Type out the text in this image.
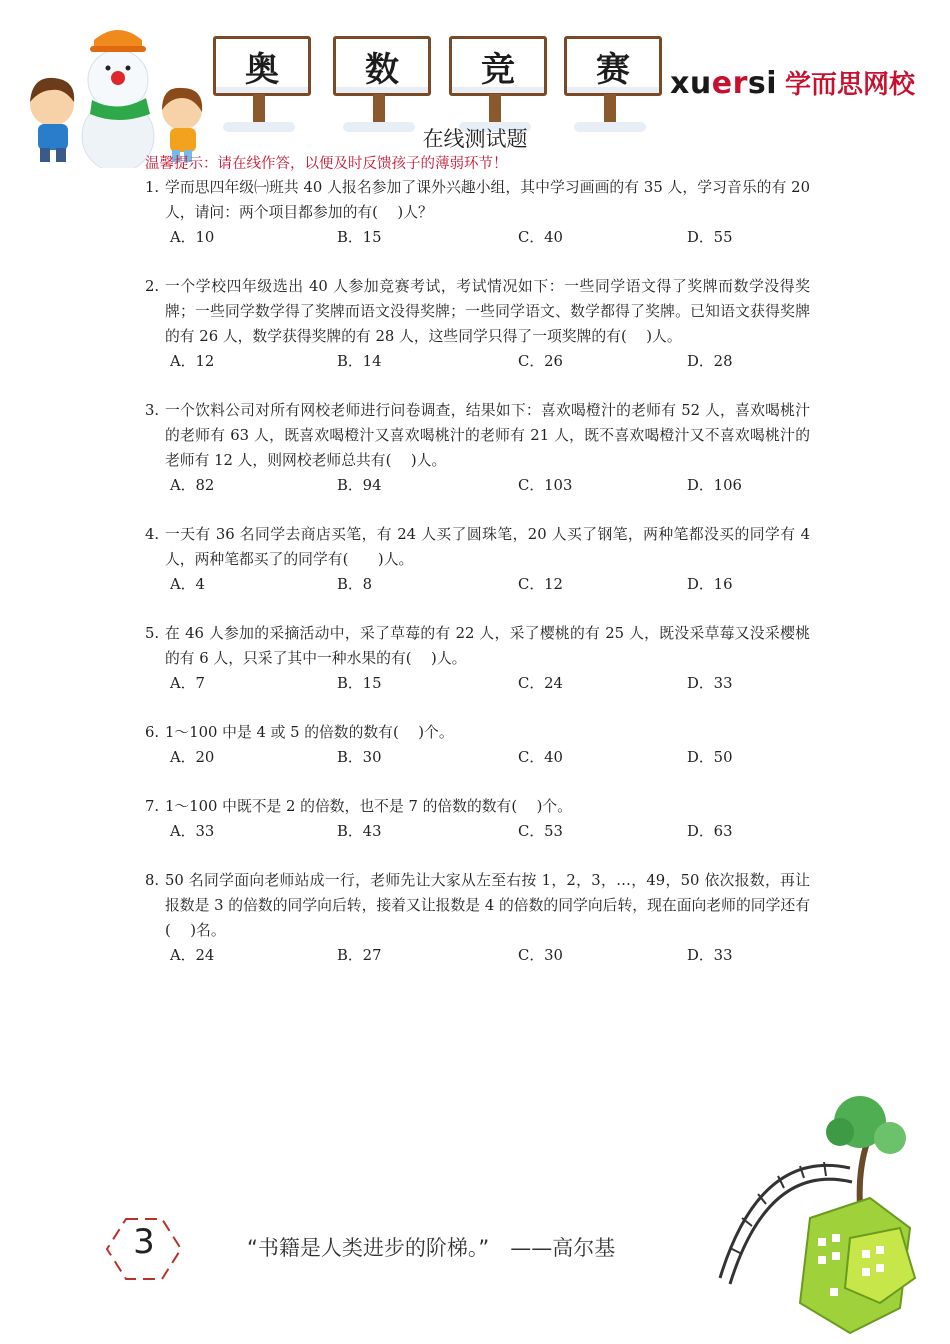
奥	数	竞	赛	xuersi 学而思网校
在线测试题
温馨提示：请在线作答，以便及时反馈孩子的薄弱环节！
1. 学而思四年级㈠班共 40 人报名参加了课外兴趣小组，其中学习画画的有 35 人，学习音乐的有 20 人，请问：两个项目都参加的有(　 )人？
A．10	B．15	C．40	D．55
2. 一个学校四年级选出 40 人参加竞赛考试，考试情况如下：一些同学语文得了奖牌而数学没得奖牌；一些同学数学得了奖牌而语文没得奖牌；一些同学语文、数学都得了奖牌。已知语文获得奖牌的有 26 人，数学获得奖牌的有 28 人，这些同学只得了一项奖牌的有(　 )人。
A．12	B．14	C．26	D．28
3. 一个饮料公司对所有网校老师进行问卷调查，结果如下：喜欢喝橙汁的老师有 52 人，喜欢喝桃汁的老师有 63 人，既喜欢喝橙汁又喜欢喝桃汁的老师有 21 人，既不喜欢喝橙汁又不喜欢喝桃汁的老师有 12 人，则网校老师总共有(　 )人。
A．82	B．94	C．103	D．106
4. 一天有 36 名同学去商店买笔，有 24 人买了圆珠笔，20 人买了钢笔，两种笔都没买的同学有 4 人，两种笔都买了的同学有(　　)人。
A．4	B．8	C．12	D．16
5. 在 46 人参加的采摘活动中，采了草莓的有 22 人，采了樱桃的有 25 人，既没采草莓又没采樱桃的有 6 人，只采了其中一种水果的有(　 )人。
A．7	B．15	C．24	D．33
6. 1～100 中是 4 或 5 的倍数的数有(　 )个。
A．20	B．30	C．40	D．50
7. 1～100 中既不是 2 的倍数，也不是 7 的倍数的数有(　 )个。
A．33	B．43	C．53	D．63
8. 50 名同学面向老师站成一行，老师先让大家从左至右按 1，2，3，…，49，50 依次报数，再让报数是 3 的倍数的同学向后转，接着又让报数是 4 的倍数的同学向后转，现在面向老师的同学还有(　 )名。
A．24	B．27	C．30	D．33
3	“书籍是人类进步的阶梯。”　——高尔基
